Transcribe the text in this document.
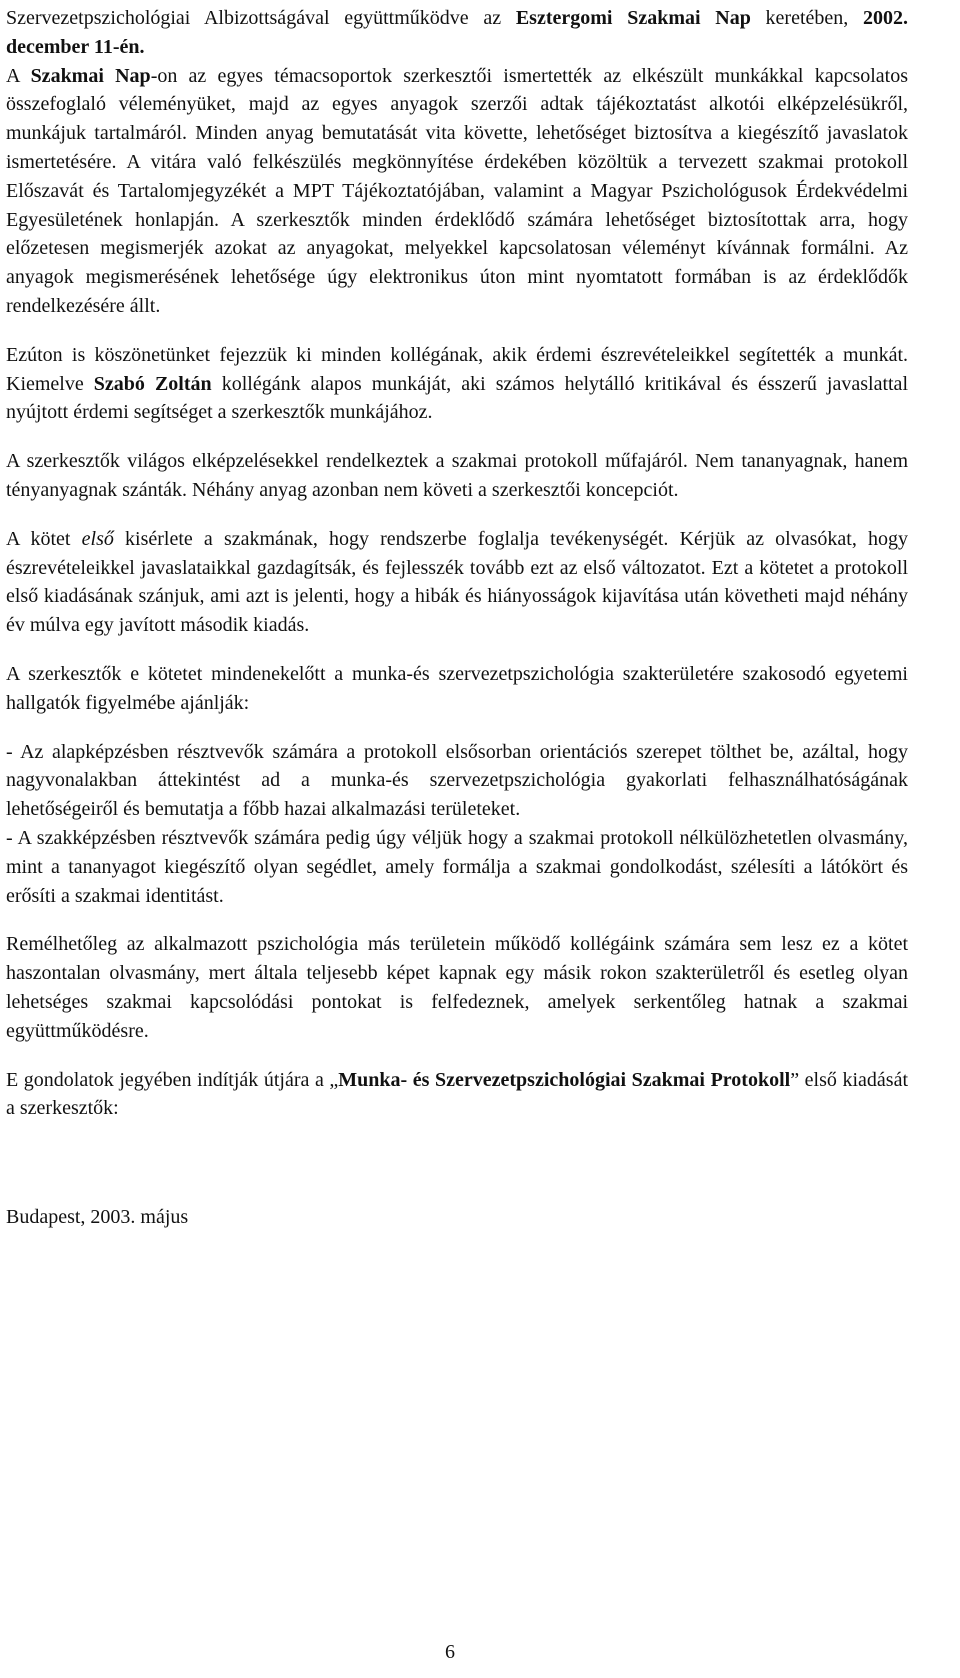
Szervezetpszichológiai Albizottságával együttműködve az Esztergomi Szakmai Nap keretében, 2002. december 11-én.

A Szakmai Nap-on az egyes témacsoportok szerkesztői ismertették az elkészült munkákkal kapcsolatos összefoglaló véleményüket, majd az egyes anyagok szerzői adtak tájékoztatást alkotói elképzelésükről, munkájuk tartalmáról. Minden anyag bemutatását vita követte, lehetőséget biztosítva a kiegészítő javaslatok ismertetésére. A vitára való felkészülés megkönnyítése érdekében közöltük a tervezett szakmai protokoll Előszavát és Tartalomjegyzékét a MPT Tájékoztatójában, valamint a Magyar Pszichológusok Érdekvédelmi Egyesületének honlapján. A szerkesztők minden érdeklődő számára lehetőséget biztosítottak arra, hogy előzetesen megismerjék azokat az anyagokat, melyekkel kapcsolatosan véleményt kívánnak formálni. Az anyagok megismerésének lehetősége úgy elektronikus úton mint nyomtatott formában is az érdeklődők rendelkezésére állt.

Ezúton is köszönetünket fejezzük ki minden kollégának, akik érdemi észrevételeikkel segítették a munkát. Kiemelve Szabó Zoltán kollégánk alapos munkáját, aki számos helytálló kritikával és ésszerű javaslattal nyújtott érdemi segítséget a szerkesztők munkájához.

A szerkesztők világos elképzelésekkel rendelkeztek a szakmai protokoll műfajáról. Nem tananyagnak, hanem tényanyagnak szánták. Néhány anyag azonban nem követi a szerkesztői koncepciót.

A kötet első kisérlete a szakmának, hogy rendszerbe foglalja tevékenységét. Kérjük az olvasókat, hogy észrevételeikkel javaslataikkal gazdagítsák, és fejlesszék tovább ezt az első változatot. Ezt a kötetet a protokoll első kiadásának szánjuk, ami azt is jelenti, hogy a hibák és hiányosságok kijavítása után követheti majd néhány év múlva egy javított második kiadás.

A szerkesztők e kötetet mindenekelőtt a munka-és szervezetpszichológia szakterületére szakosodó egyetemi hallgatók figyelmébe ajánlják:

- Az alapképzésben résztvevők számára a protokoll elsősorban orientációs szerepet tölthet be, azáltal, hogy nagyvonalakban áttekintést ad a munka-és szervezetpszichológia gyakorlati felhasználhatóságának lehetőségeiről és bemutatja a főbb hazai alkalmazási területeket.

- A szakképzésben résztvevők számára pedig úgy véljük hogy a szakmai protokoll nélkülözhetetlen olvasmány, mint a tananyagot kiegészítő olyan segédlet, amely formálja a szakmai gondolkodást, szélesíti a látókört és erősíti a szakmai identitást.

Remélhetőleg az alkalmazott pszichológia más területein működő kollégáink számára sem lesz ez a kötet haszontalan olvasmány, mert általa teljesebb képet kapnak egy másik rokon szakterületről és esetleg olyan lehetséges szakmai kapcsolódási pontokat is felfedeznek, amelyek serkentőleg hatnak a szakmai együttműködésre.

E gondolatok jegyében indítják útjára a „Munka- és Szervezetpszichológiai Szakmai Protokoll” első kiadását a szerkesztők:

Budapest, 2003. május

6
